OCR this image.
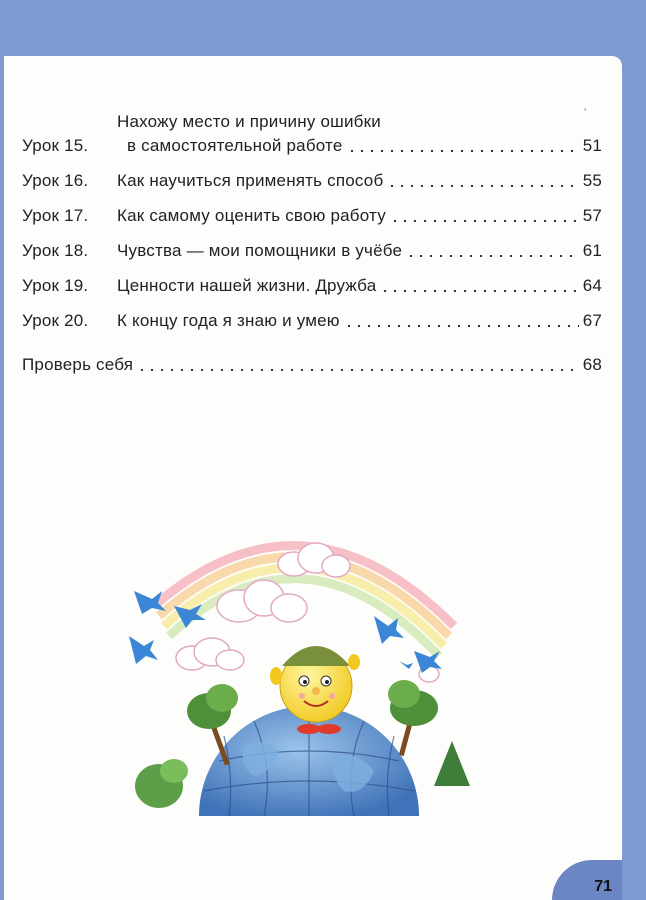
ʼ
Нахожу место и причину ошибки
Урок 15.	в самостоятельной работе	51
Урок 16.	Как научиться применять способ	55
Урок 17.	Как самому оценить свою работу	57
Урок 18.	Чувства — мои помощники в учёбе	61
Урок 19.	Ценности нашей жизни. Дружба	64
Урок 20.	К концу года я знаю и умею	67
Проверь себя	68
71
